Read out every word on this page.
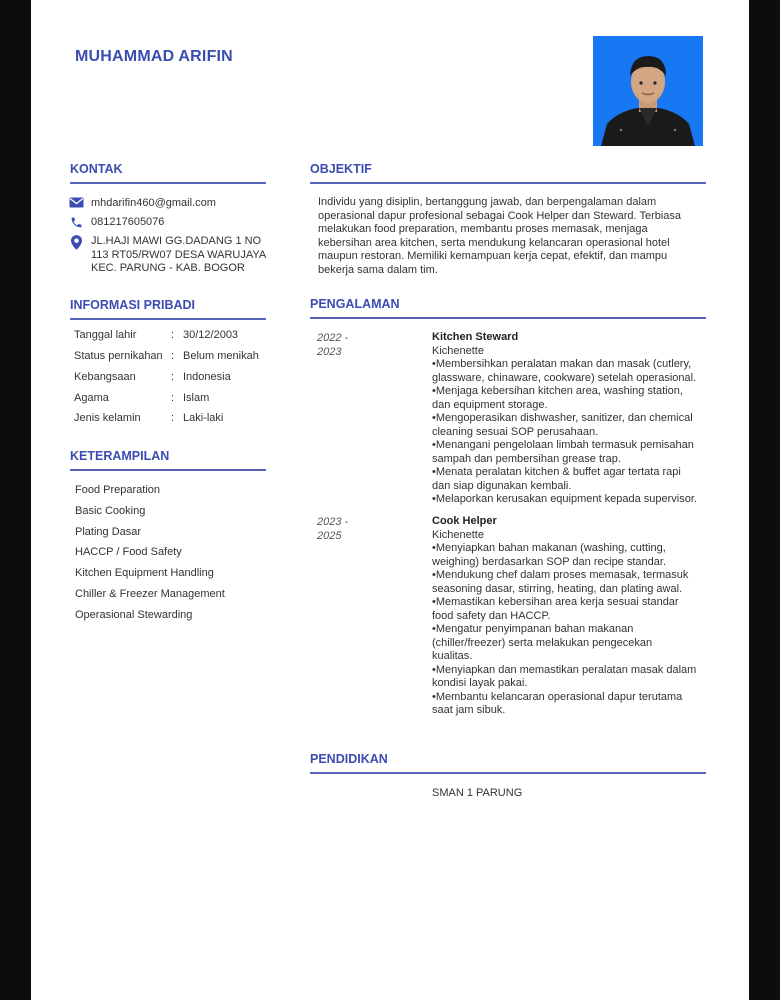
MUHAMMAD ARIFIN
KONTAK
mhdarifin460@gmail.com
081217605076
JL.HAJI MAWI GG.DADANG 1 NO
113 RT05/RW07 DESA WARUJAYA
KEC. PARUNG - KAB. BOGOR
INFORMASI PRIBADI
Tanggal lahir	: 30/12/2003
Status pernikahan : Belum menikah
Kebangsaan	: Indonesia
Agama	: Islam
Jenis kelamin	: Laki-laki
KETERAMPILAN
Food Preparation
Basic Cooking
Plating Dasar
HACCP / Food Safety
Kitchen Equipment Handling
Chiller & Freezer Management
Operasional Stewarding
OBJEKTIF
Individu yang disiplin, bertanggung jawab, dan berpengalaman dalam
operasional dapur profesional sebagai Cook Helper dan Steward. Terbiasa
melakukan food preparation, membantu proses memasak, menjaga
kebersihan area kitchen, serta mendukung kelancaran operasional hotel
maupun restoran. Memiliki kemampuan kerja cepat, efektif, dan mampu
bekerja sama dalam tim.
PENGALAMAN
2022 -
2023
Kitchen Steward
Kichenette
•Membersihkan peralatan makan dan masak (cutlery,
glassware, chinaware, cookware) setelah operasional.
•Menjaga kebersihan kitchen area, washing station,
dan equipment storage.
•Mengoperasikan dishwasher, sanitizer, dan chemical
cleaning sesuai SOP perusahaan.
•Menangani pengelolaan limbah termasuk pemisahan
sampah dan pembersihan grease trap.
•Menata peralatan kitchen & buffet agar tertata rapi
dan siap digunakan kembali.
•Melaporkan kerusakan equipment kepada supervisor.
2023 -
2025
Cook Helper
Kichenette
•Menyiapkan bahan makanan (washing, cutting,
weighing) berdasarkan SOP dan recipe standar.
•Mendukung chef dalam proses memasak, termasuk
seasoning dasar, stirring, heating, dan plating awal.
•Memastikan kebersihan area kerja sesuai standar
food safety dan HACCP.
•Mengatur penyimpanan bahan makanan
(chiller/freezer) serta melakukan pengecekan
kualitas.
•Menyiapkan dan memastikan peralatan masak dalam
kondisi layak pakai.
•Membantu kelancaran operasional dapur terutama
saat jam sibuk.
PENDIDIKAN
SMAN 1 PARUNG
